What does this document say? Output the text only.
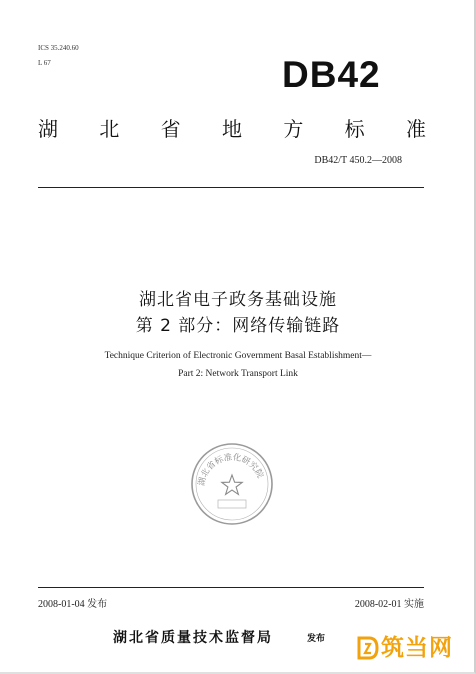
ICS 35.240.60
L 67	DB42
湖 北 省 地 方 标 准
DB42/T 450.2—2008
湖北省电子政务基础设施
第 2 部分：网络传输链路
Technique Criterion of Electronic Government Basal Establishment—
Part 2: Network Transport Link
湖北省标准化研究院
2008-01-04 发布	2008-02-01 实施
湖北省质量技术监督局	发布 筑当网
